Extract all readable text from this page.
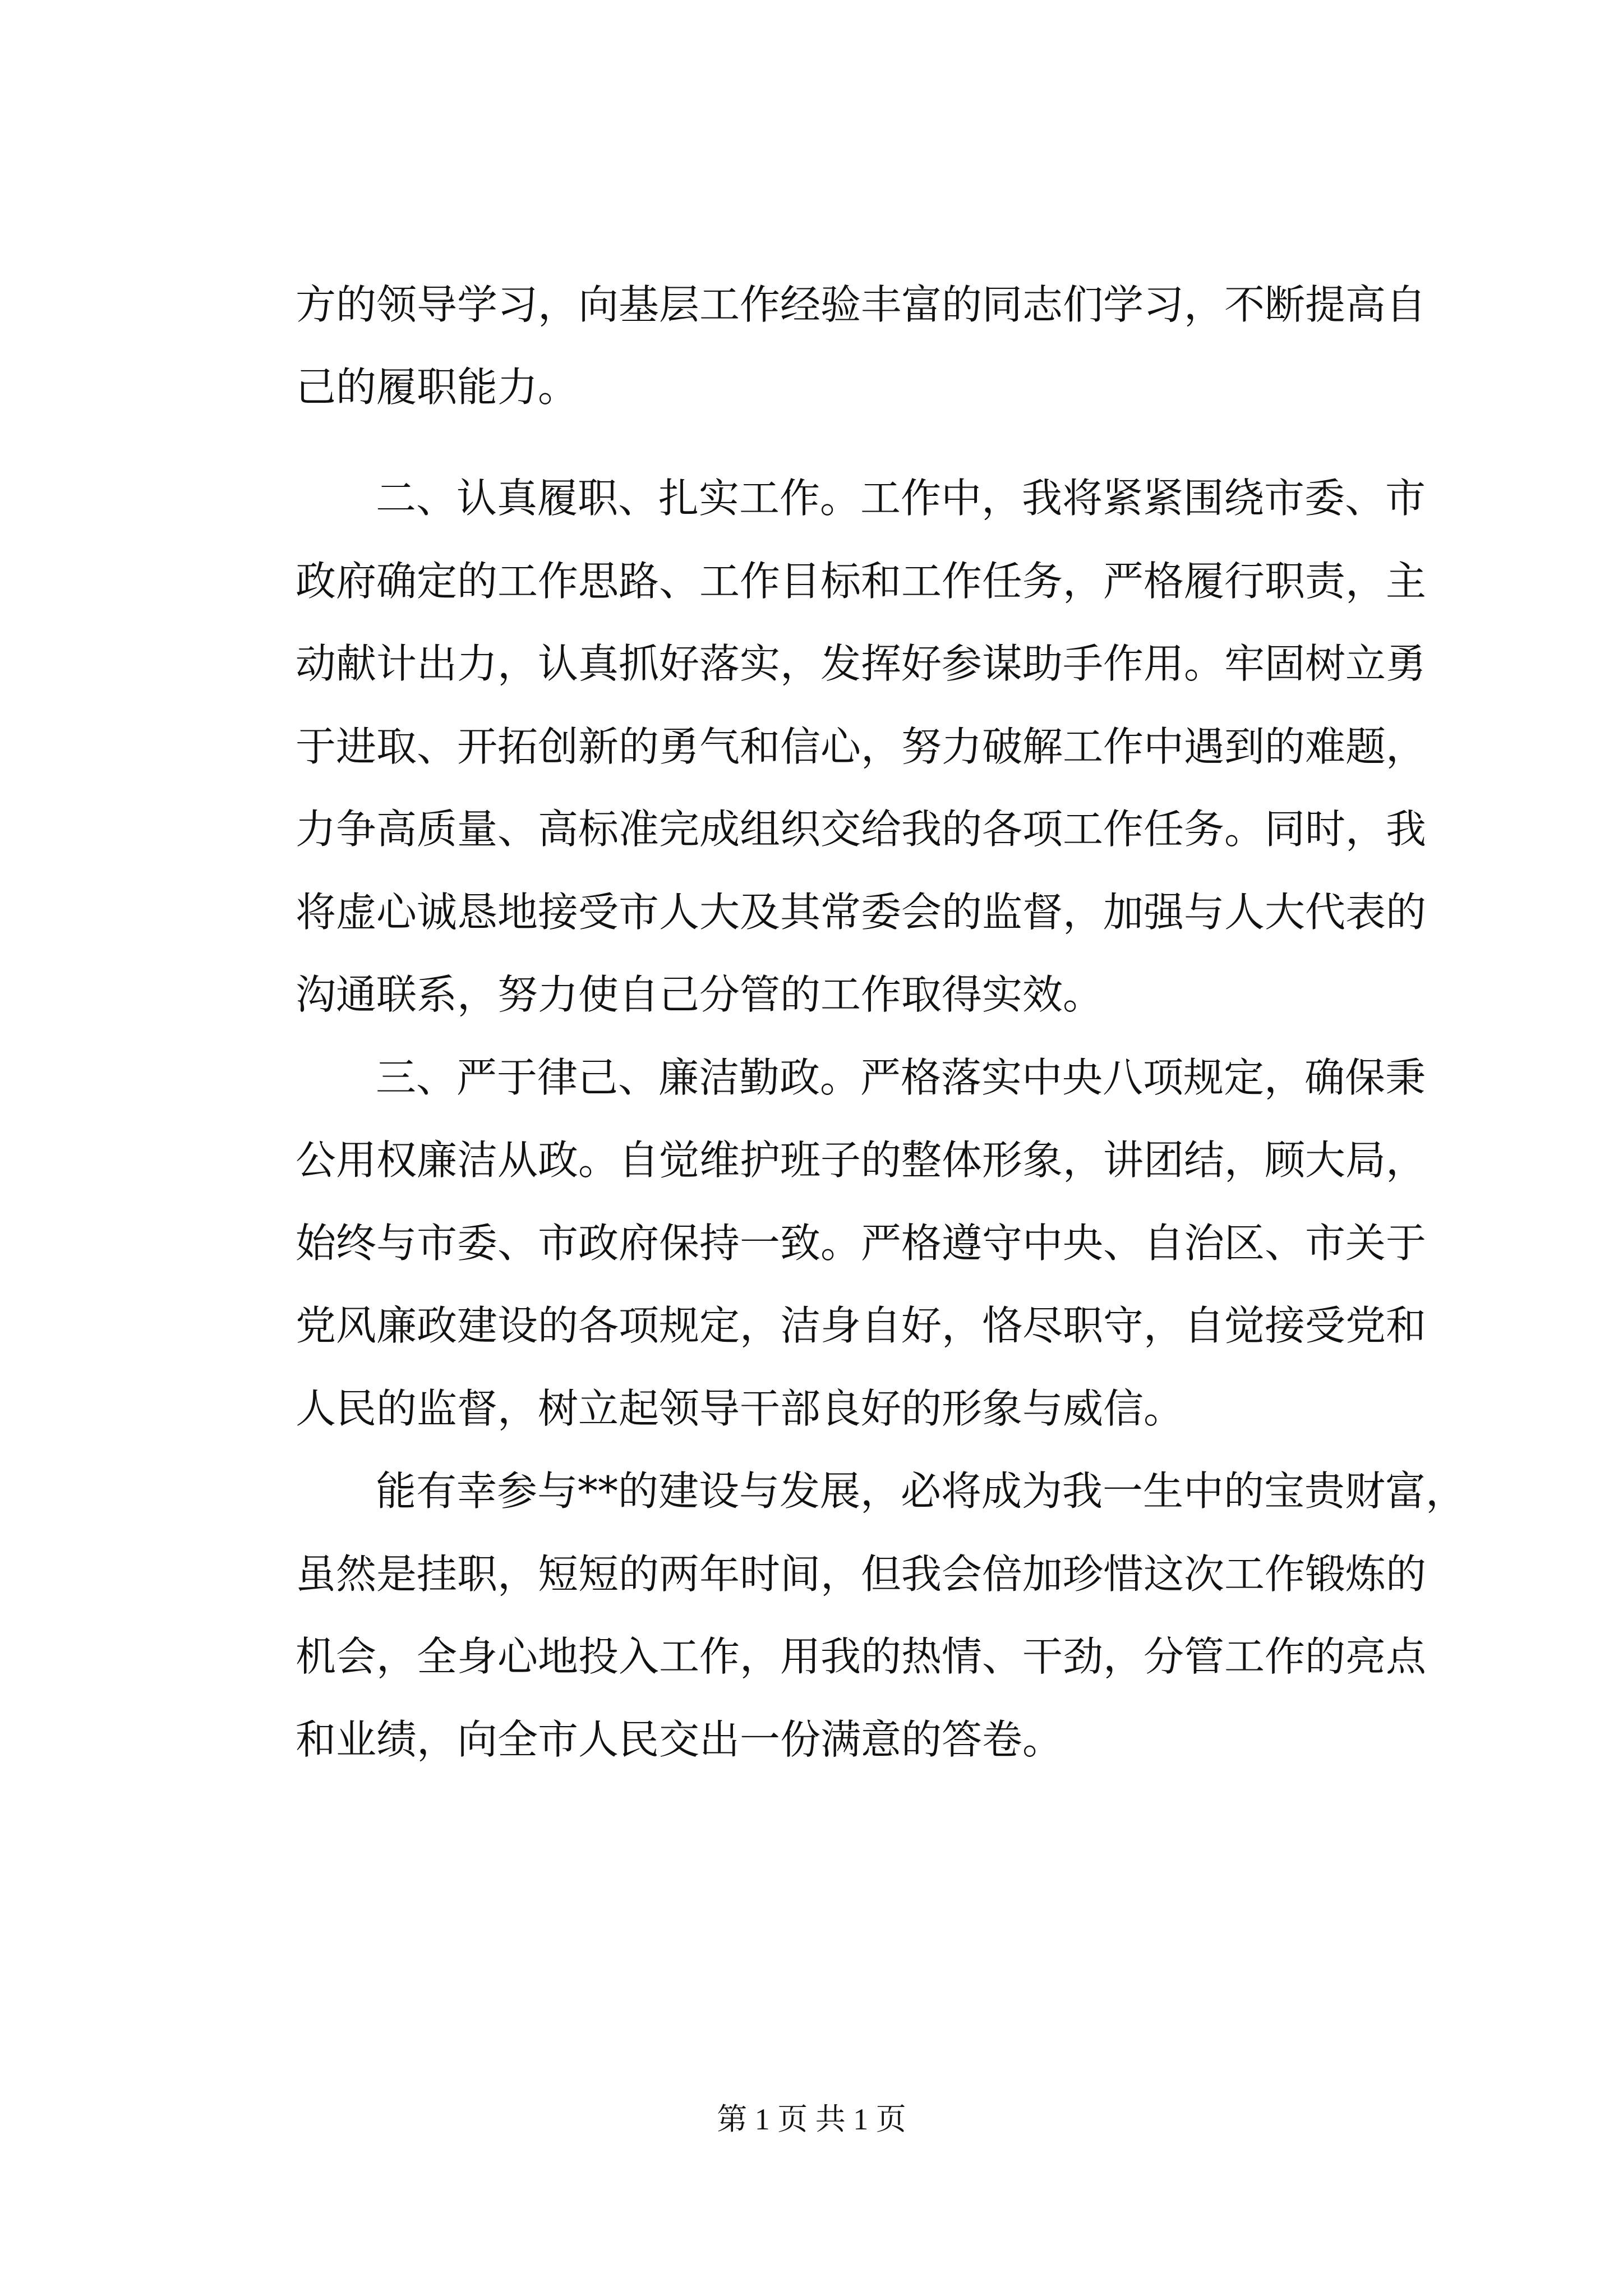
方的领导学习，向基层工作经验丰富的同志们学习，不断提高自
己的履职能力。
二、认真履职、扎实工作。工作中，我将紧紧围绕市委、市
政府确定的工作思路、工作目标和工作任务，严格履行职责，主
动献计出力，认真抓好落实，发挥好参谋助手作用。牢固树立勇
于进取、开拓创新的勇气和信心，努力破解工作中遇到的难题，
力争高质量、高标准完成组织交给我的各项工作任务。同时，我
将虚心诚恳地接受市人大及其常委会的监督，加强与人大代表的
沟通联系，努力使自己分管的工作取得实效。
三、严于律己、廉洁勤政。严格落实中央八项规定，确保秉
公用权廉洁从政。自觉维护班子的整体形象，讲团结，顾大局，
始终与市委、市政府保持一致。严格遵守中央、自治区、市关于
党风廉政建设的各项规定，洁身自好，恪尽职守，自觉接受党和
人民的监督，树立起领导干部良好的形象与威信。
能有幸参与**的建设与发展，必将成为我一生中的宝贵财富，
虽然是挂职，短短的两年时间，但我会倍加珍惜这次工作锻炼的
机会，全身心地投入工作，用我的热情、干劲，分管工作的亮点
和业绩，向全市人民交出一份满意的答卷。
第 1 页 共 1 页
